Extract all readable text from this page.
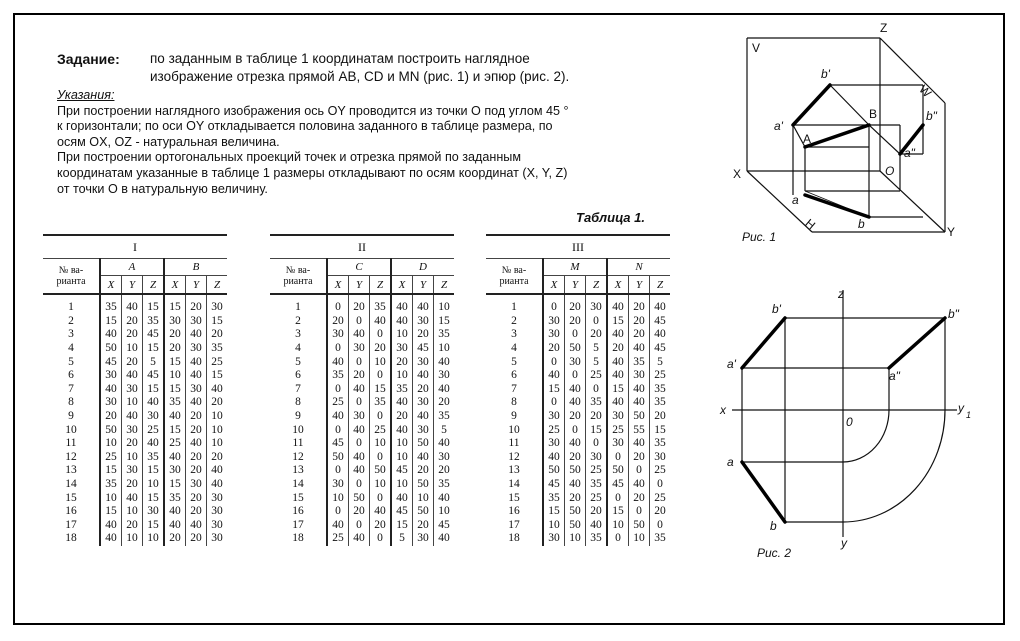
Задание: по заданным в таблице 1 координатам построить наглядное
изображение отрезка прямой АВ, CD и MN (рис. 1) и эпюр (рис. 2).
Указания:
При построении наглядного изображения ось OY проводится из точки О под углом 45 °
к горизонтали; по оси OY откладывается половина заданного в таблице размера, по
осям OX, OZ - натуральная величина.
При построении ортогональных проекций точек и отрезка прямой по заданным
координатам указанные в таблице 1 размеры откладывают по осям координат (X, Y, Z)
от точки О в натуральную величину.
Таблица 1.
I						
№ ва-
рианта	A			B		
	X	Y	Z	X	Y	Z
1	35	40	15	15	20	30
2	15	20	35	30	30	15
3	40	20	45	20	40	20
4	50	10	15	20	30	35
5	45	20	5	15	40	25
6	30	40	45	10	40	15
7	40	30	15	15	30	40
8	30	10	40	35	40	20
9	20	40	30	40	20	10
10	50	30	25	15	20	10
11	10	20	40	25	40	10
12	25	10	35	40	20	20
13	15	30	15	30	20	40
14	35	20	10	15	30	40
15	10	40	15	35	20	30
16	15	10	30	40	20	30
17	40	20	15	40	40	30
18	40	10	10	20	20	30
II						
№ ва-
рианта	C			D		
	X	Y	Z	X	Y	Z
1	0	20	35	40	40	10
2	20	0	40	40	30	15
3	30	40	0	10	20	35
4	0	30	20	30	45	10
5	40	0	10	20	30	40
6	35	20	0	10	40	30
7	0	40	15	35	20	40
8	25	0	35	40	30	20
9	40	30	0	20	40	35
10	0	40	25	40	30	5
11	45	0	10	10	50	40
12	50	40	0	10	40	30
13	0	40	50	45	20	20
14	30	0	10	10	50	35
15	10	50	0	40	10	40
16	0	20	40	45	50	10
17	40	0	20	15	20	45
18	25	40	0	5	30	40
III						
№ ва-
рианта	M			N		
	X	Y	Z	X	Y	Z
1	0	20	30	40	20	40
2	30	20	0	15	20	45
3	30	0	20	40	20	40
4	20	50	5	20	40	45
5	0	30	5	40	35	5
6	40	0	25	40	30	25
7	15	40	0	15	40	35
8	0	40	35	40	40	35
9	30	20	20	30	50	20
10	25	0	15	25	55	15
11	30	40	0	30	40	35
12	40	20	30	0	20	30
13	50	50	25	50	0	25
14	45	40	35	45	40	0
15	35	20	25	0	20	25
16	15	50	20	15	0	20
17	10	50	40	10	50	0
18	30	10	35	0	10	35
V
Z
W
X
Y
H
O
b'
a'
B
A
b"
a"
a
b
Рис. 1
z
x	y 1
y
0
b'	b"
a'
a"
a
b
Рис. 2
